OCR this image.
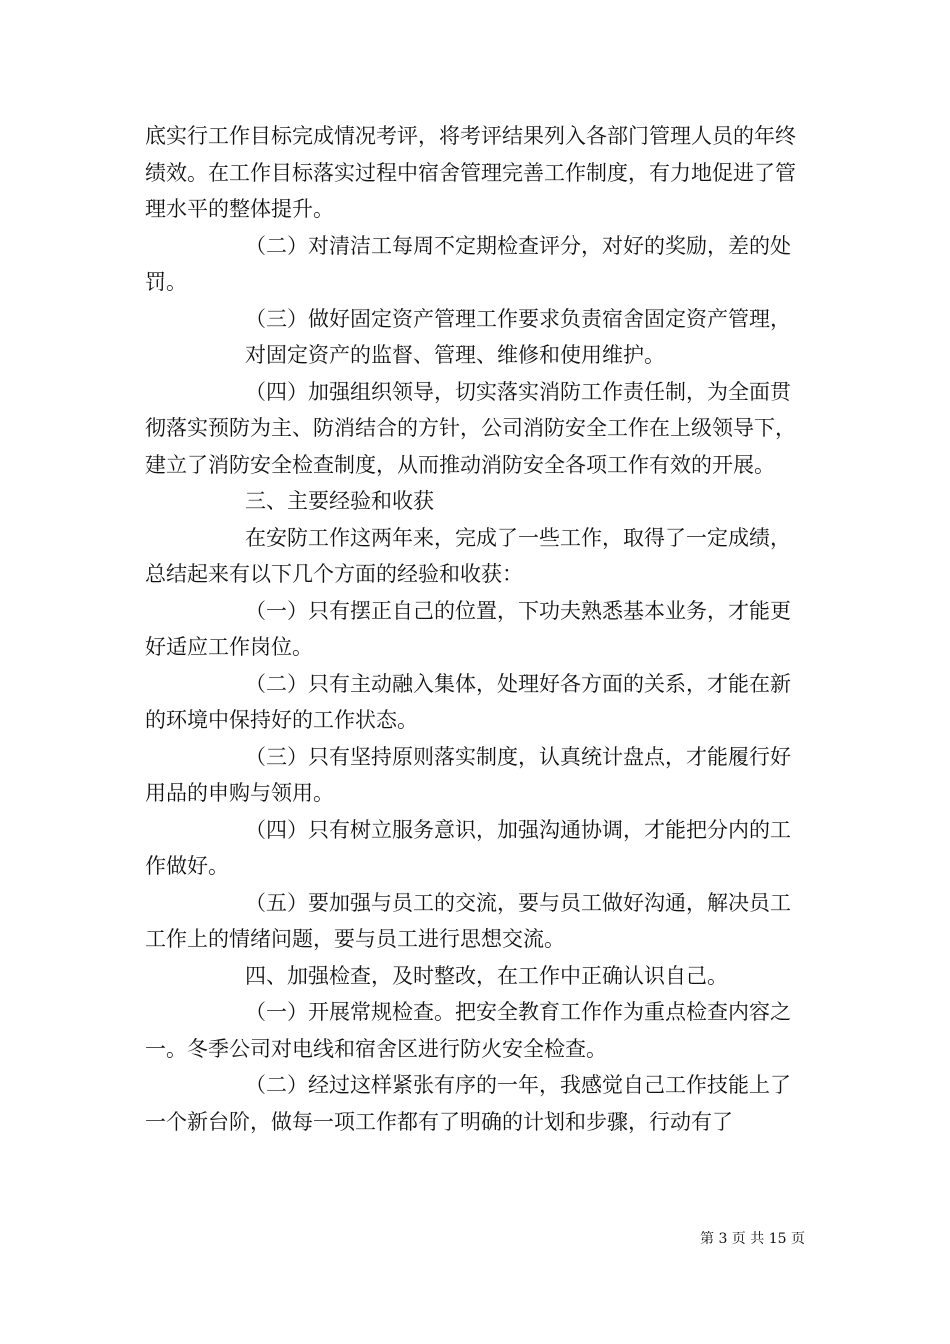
底实行工作目标完成情况考评，将考评结果列入各部门管理人员的年终绩效。在工作目标落实过程中宿舍管理完善工作制度，有力地促进了管理水平的整体提升。

（二）对清洁工每周不定期检查评分，对好的奖励，差的处罚。

（三）做好固定资产管理工作要求负责宿舍固定资产管理，

对固定资产的监督、管理、维修和使用维护。

（四）加强组织领导，切实落实消防工作责任制，为全面贯彻落实预防为主、防消结合的方针，公司消防安全工作在上级领导下，建立了消防安全检查制度，从而推动消防安全各项工作有效的开展。

三、主要经验和收获

在安防工作这两年来，完成了一些工作，取得了一定成绩，总结起来有以下几个方面的经验和收获：

（一）只有摆正自己的位置，下功夫熟悉基本业务，才能更好适应工作岗位。

（二）只有主动融入集体，处理好各方面的关系，才能在新的环境中保持好的工作状态。

（三）只有坚持原则落实制度，认真统计盘点，才能履行好用品的申购与领用。

（四）只有树立服务意识，加强沟通协调，才能把分内的工作做好。

（五）要加强与员工的交流，要与员工做好沟通，解决员工工作上的情绪问题，要与员工进行思想交流。

四、加强检查，及时整改，在工作中正确认识自己。

（一）开展常规检查。把安全教育工作作为重点检查内容之一。冬季公司对电线和宿舍区进行防火安全检查。

（二）经过这样紧张有序的一年，我感觉自己工作技能上了一个新台阶，做每一项工作都有了明确的计划和步骤，行动有了

第 3 页 共 15 页
